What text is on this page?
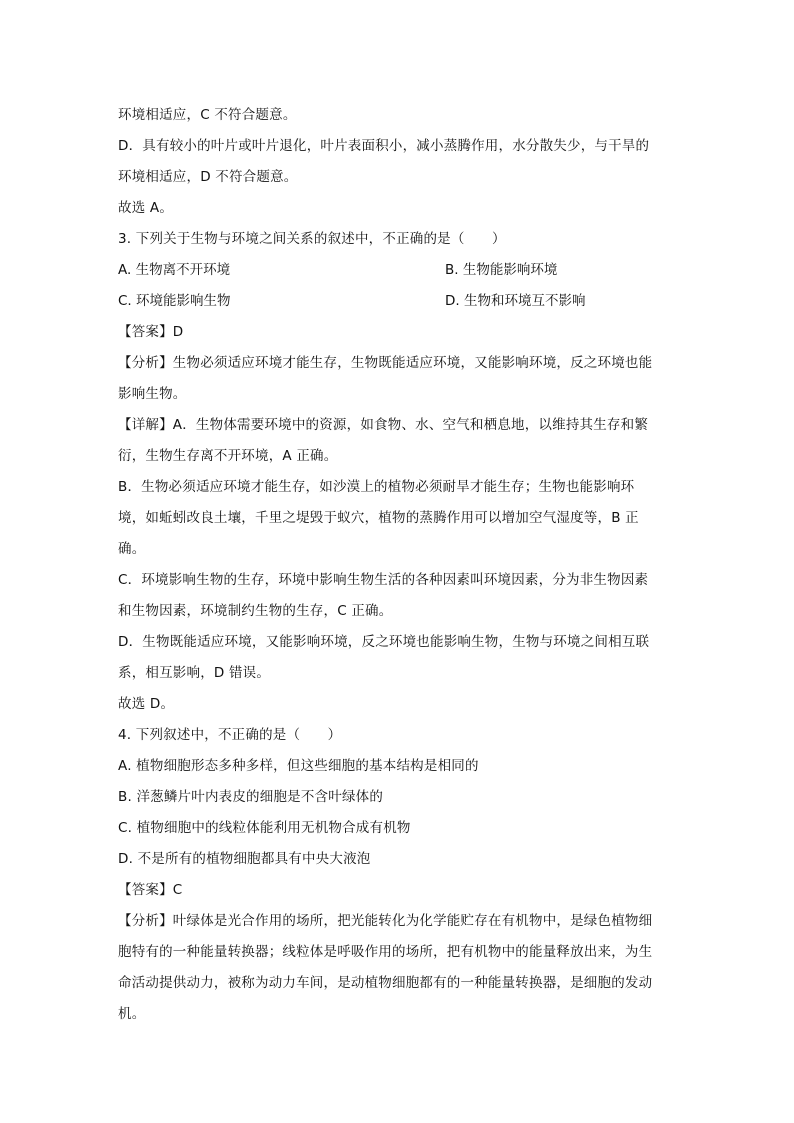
环境相适应，C 不符合题意。
D．具有较小的叶片或叶片退化，叶片表面积小，减小蒸腾作用，水分散失少，与干旱的
环境相适应，D 不符合题意。
故选 A。
3. 下列关于生物与环境之间关系的叙述中，不正确的是（　　）
A. 生物离不开环境	B. 生物能影响环境
C. 环境能影响生物	D. 生物和环境互不影响
【答案】D
【分析】生物必须适应环境才能生存，生物既能适应环境，又能影响环境，反之环境也能
影响生物。
【详解】A．生物体需要环境中的资源，如食物、水、空气和栖息地，以维持其生存和繁
衍，生物生存离不开环境，A 正确。
B．生物必须适应环境才能生存，如沙漠上的植物必须耐旱才能生存；生物也能影响环
境，如蚯蚓改良土壤，千里之堤毁于蚁穴，植物的蒸腾作用可以增加空气湿度等，B 正
确。
C．环境影响生物的生存，环境中影响生物生活的各种因素叫环境因素，分为非生物因素
和生物因素，环境制约生物的生存，C 正确。
D．生物既能适应环境，又能影响环境，反之环境也能影响生物，生物与环境之间相互联
系，相互影响，D 错误。
故选 D。
4. 下列叙述中，不正确的是（　　）
A. 植物细胞形态多种多样，但这些细胞的基本结构是相同的
B. 洋葱鳞片叶内表皮的细胞是不含叶绿体的
C. 植物细胞中的线粒体能利用无机物合成有机物
D. 不是所有的植物细胞都具有中央大液泡
【答案】C
【分析】叶绿体是光合作用的场所，把光能转化为化学能贮存在有机物中，是绿色植物细
胞特有的一种能量转换器；线粒体是呼吸作用的场所，把有机物中的能量释放出来，为生
命活动提供动力，被称为动力车间，是动植物细胞都有的一种能量转换器，是细胞的发动
机。
